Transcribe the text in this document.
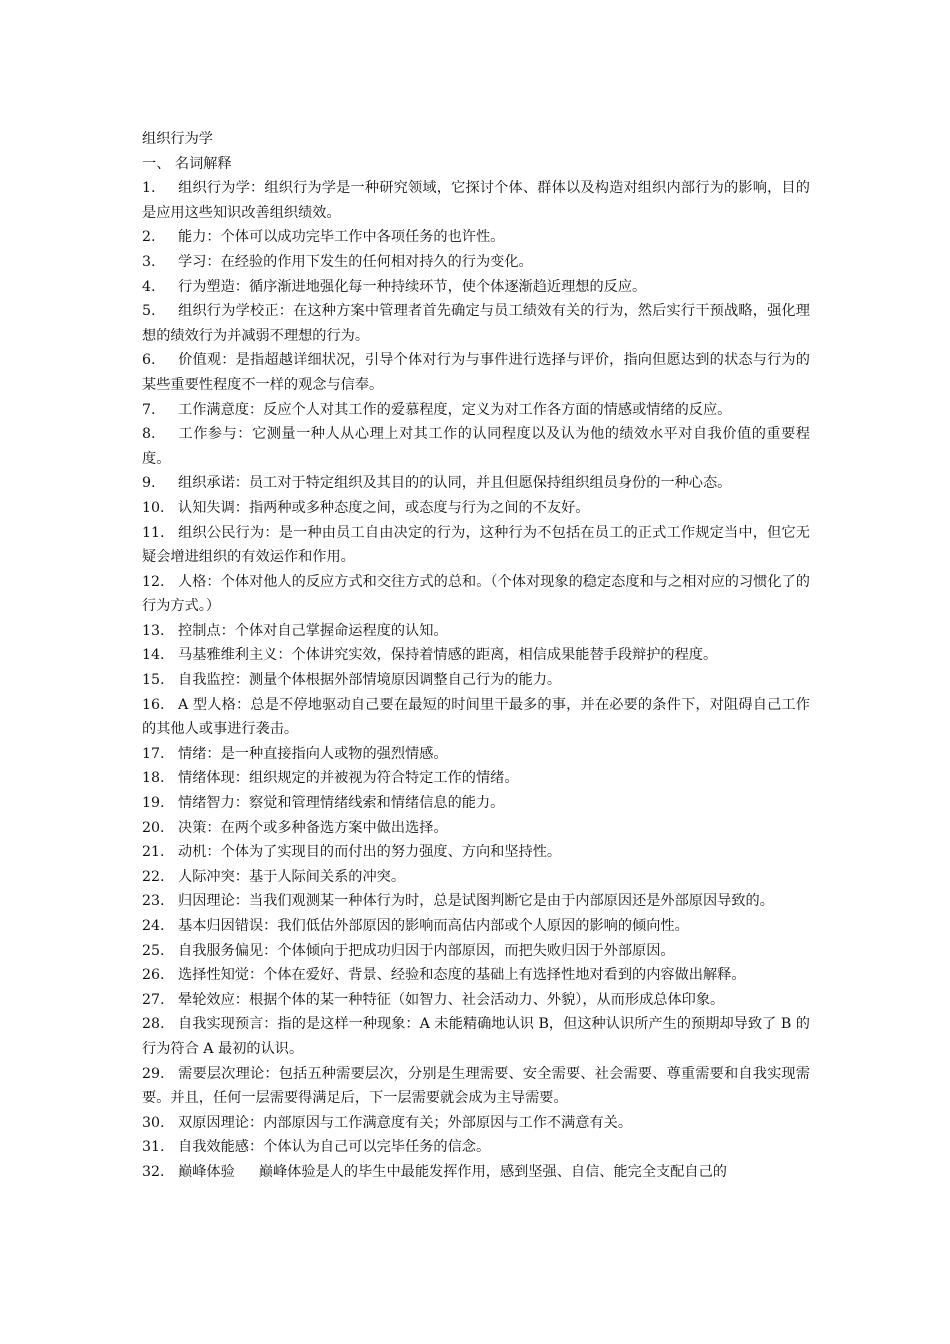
组织行为学

一、 名词解释

1. 组织行为学：组织行为学是一种研究领域，它探讨个体、群体以及构造对组织内部行为的影响，目的是应用这些知识改善组织绩效。

2. 能力：个体可以成功完毕工作中各项任务的也许性。

3. 学习：在经验的作用下发生的任何相对持久的行为变化。

4. 行为塑造：循序渐进地强化每一种持续环节，使个体逐渐趋近理想的反应。

5. 组织行为学校正：在这种方案中管理者首先确定与员工绩效有关的行为，然后实行干预战略，强化理想的绩效行为并减弱不理想的行为。

6. 价值观：是指超越详细状况，引导个体对行为与事件进行选择与评价，指向但愿达到的状态与行为的某些重要性程度不一样的观念与信奉。

7. 工作满意度：反应个人对其工作的爱慕程度，定义为对工作各方面的情感或情绪的反应。

8. 工作参与：它测量一种人从心理上对其工作的认同程度以及认为他的绩效水平对自我价值的重要程度。

9. 组织承诺：员工对于特定组织及其目的的认同，并且但愿保持组织组员身份的一种心态。

10. 认知失调：指两种或多种态度之间，或态度与行为之间的不友好。

11. 组织公民行为：是一种由员工自由决定的行为，这种行为不包括在员工的正式工作规定当中，但它无疑会增进组织的有效运作和作用。

12. 人格：个体对他人的反应方式和交往方式的总和。（个体对现象的稳定态度和与之相对应的习惯化了的行为方式。）

13. 控制点：个体对自己掌握命运程度的认知。

14. 马基雅维利主义：个体讲究实效，保持着情感的距离，相信成果能替手段辩护的程度。

15. 自我监控：测量个体根据外部情境原因调整自己行为的能力。

16. A 型人格：总是不停地驱动自己要在最短的时间里干最多的事，并在必要的条件下，对阻碍自己工作的其他人或事进行袭击。

17. 情绪：是一种直接指向人或物的强烈情感。

18. 情绪体现：组织规定的并被视为符合特定工作的情绪。

19. 情绪智力：察觉和管理情绪线索和情绪信息的能力。

20. 决策：在两个或多种备选方案中做出选择。

21. 动机：个体为了实现目的而付出的努力强度、方向和坚持性。

22. 人际冲突：基于人际间关系的冲突。

23. 归因理论：当我们观测某一种体行为时，总是试图判断它是由于内部原因还是外部原因导致的。

24. 基本归因错误：我们低估外部原因的影响而高估内部或个人原因的影响的倾向性。

25. 自我服务偏见：个体倾向于把成功归因于内部原因，而把失败归因于外部原因。

26. 选择性知觉：个体在爱好、背景、经验和态度的基础上有选择性地对看到的内容做出解释。

27. 晕轮效应：根据个体的某一种特征（如智力、社会活动力、外貌），从而形成总体印象。

28. 自我实现预言：指的是这样一种现象：A 未能精确地认识 B，但这种认识所产生的预期却导致了 B 的行为符合 A 最初的认识。

29. 需要层次理论：包括五种需要层次，分别是生理需要、安全需要、社会需要、尊重需要和自我实现需要。并且，任何一层需要得满足后，下一层需要就会成为主导需要。

30. 双原因理论：内部原因与工作满意度有关；外部原因与工作不满意有关。

31. 自我效能感：个体认为自己可以完毕任务的信念。

32. 巅峰体验 巅峰体验是人的毕生中最能发挥作用，感到坚强、自信、能完全支配自己的
